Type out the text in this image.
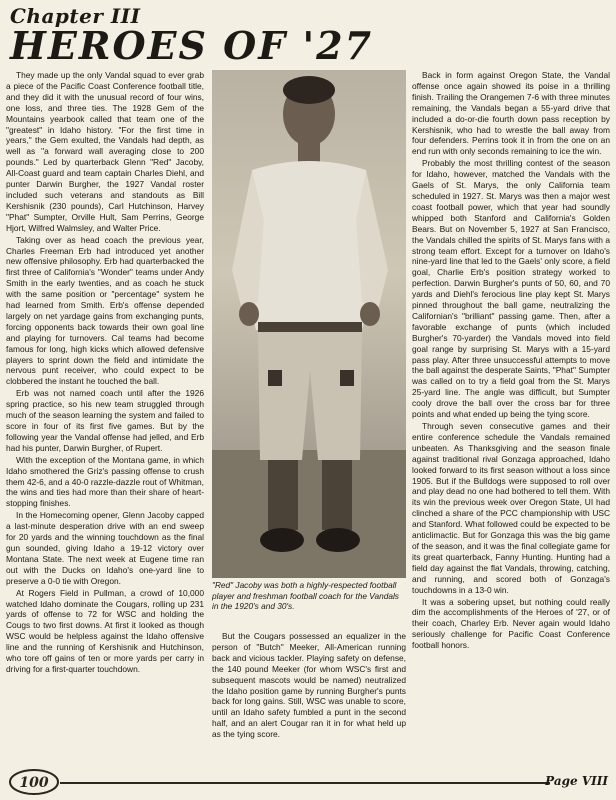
Chapter III
HEROES OF '27

They made up the only Vandal squad to ever grab a piece of the Pacific Coast Conference football title, and they did it with the unusual record of four wins, one loss, and three ties. The 1928 Gem of the Mountains yearbook called that team one of the "greatest" in Idaho history. "For the first time in years," the Gem exulted, the Vandals had depth, as well as "a forward wall averaging close to 200 pounds." Led by quarterback Glenn "Red" Jacoby, All-Coast guard and team captain Charles Diehl, and punter Darwin Burgher, the 1927 Vandal roster included such veterans and standouts as Bill Kershisnik (230 pounds), Carl Hutchinson, Harvey "Phat" Sumpter, Orville Hult, Sam Perrins, George Hjort, Wilfred Walmsley, and Walter Price.

Taking over as head coach the previous year, Charles Freeman Erb had introduced yet another new offensive philosophy. Erb had quarterbacked the first three of California's "Wonder" teams under Andy Smith in the early twenties, and as coach he stuck with the same position or "percentage" system he had learned from Smith. Erb's offense depended largely on net yardage gains from exchanging punts, forcing opponents back towards their own goal line and playing for turnovers. Cal teams had become famous for long, high kicks which allowed defensive players to sprint down the field and intimidate the nervous punt receiver, who could expect to be clobbered the instant he touched the ball.

Erb was not named coach until after the 1926 spring practice, so his new team struggled through much of the season learning the system and failed to score in four of its first five games. But by the following year the Vandal offense had jelled, and Erb had his punter, Darwin Burgher, of Rupert.

With the exception of the Montana game, in which Idaho smothered the Griz's passing offense to crush them 42-6, and a 40-0 razzle-dazzle rout of Whitman, the wins and ties had more than their share of heart-stopping finishes.

In the Homecoming opener, Glenn Jacoby capped a last-minute desperation drive with an end sweep for 20 yards and the winning touchdown as the final gun sounded, giving Idaho a 19-12 victory over Montana State. The next week at Eugene time ran out with the Ducks on Idaho's one-yard line to preserve a 0-0 tie with Oregon.

At Rogers Field in Pullman, a crowd of 10,000 watched Idaho dominate the Cougars, rolling up 231 yards of offense to 72 for WSC and holding the Cougs to two first downs. At first it looked as though WSC would be helpless against the Idaho offensive line and the running of Kershisnik and Hutchinson, who tore off gains of ten or more yards per carry in driving for a first-quarter touchdown.

"Red" Jacoby was both a highly-respected football player and freshman football coach for the Vandals in the 1920's and 30's.

But the Cougars possessed an equalizer in the person of "Butch" Meeker, All-American running back and vicious tackler. Playing safety on defense, the 140 pound Meeker (for whom WSC's first and subsequent mascots would be named) neutralized the Idaho position game by running Burgher's punts back for long gains. Still, WSC was unable to score, until an Idaho safety fumbled a punt in the second half, and an alert Cougar ran it in for what held up as the tying score.

Back in form against Oregon State, the Vandal offense once again showed its poise in a thrilling finish. Trailing the Orangemen 7-6 with three minutes remaining, the Vandals began a 55-yard drive that included a do-or-die fourth down pass reception by Kershisnik, who had to wrestle the ball away from four defenders. Perrins took it in from the one on an end run with only seconds remaining to ice the win.

Probably the most thrilling contest of the season for Idaho, however, matched the Vandals with the Gaels of St. Marys, the only California team scheduled in 1927. St. Marys was then a major west coast football power, which that year had soundly whipped both Stanford and California's Golden Bears. But on November 5, 1927 at San Francisco, the Vandals chilled the spirits of St. Marys fans with a strong team effort. Except for a turnover on Idaho's nine-yard line that led to the Gaels' only score, a field goal, Charlie Erb's position strategy worked to perfection. Darwin Burgher's punts of 50, 60, and 70 yards and Diehl's ferocious line play kept St. Marys pinned throughout the ball game, neutralizing the Californian's "brilliant" passing game. Then, after a favorable exchange of punts (which included Burgher's 70-yarder) the Vandals moved into field goal range by surprising St. Marys with a 15-yard pass play. After three unsuccessful attempts to move the ball against the desperate Saints, "Phat" Sumpter was called on to try a field goal from the St. Marys 25-yard line. The angle was difficult, but Sumpter cooly drove the ball over the cross bar for three points and what ended up being the tying score.

Through seven consecutive games and their entire conference schedule the Vandals remained unbeaten. As Thanksgiving and the season finale against traditional rival Gonzaga approached, Idaho looked forward to its first season without a loss since 1905. But if the Bulldogs were supposed to roll over and play dead no one had bothered to tell them. With its win the previous week over Oregon State, UI had clinched a share of the PCC championship with USC and Stanford. What followed could be expected to be anticlimactic. But for Gonzaga this was the big game of the season, and it was the final collegiate game for its great quarterback, Fanny Hunting. Hunting had a field day against the flat Vandals, throwing, catching, and running, and scored both of Gonzaga's touchdowns in a 13-0 win.

It was a sobering upset, but nothing could really dim the accomplishments of the Heroes of '27, or of their coach, Charley Erb. Never again would Idaho seriously challenge for Pacific Coast Conference football honors.

100	Page VIII
